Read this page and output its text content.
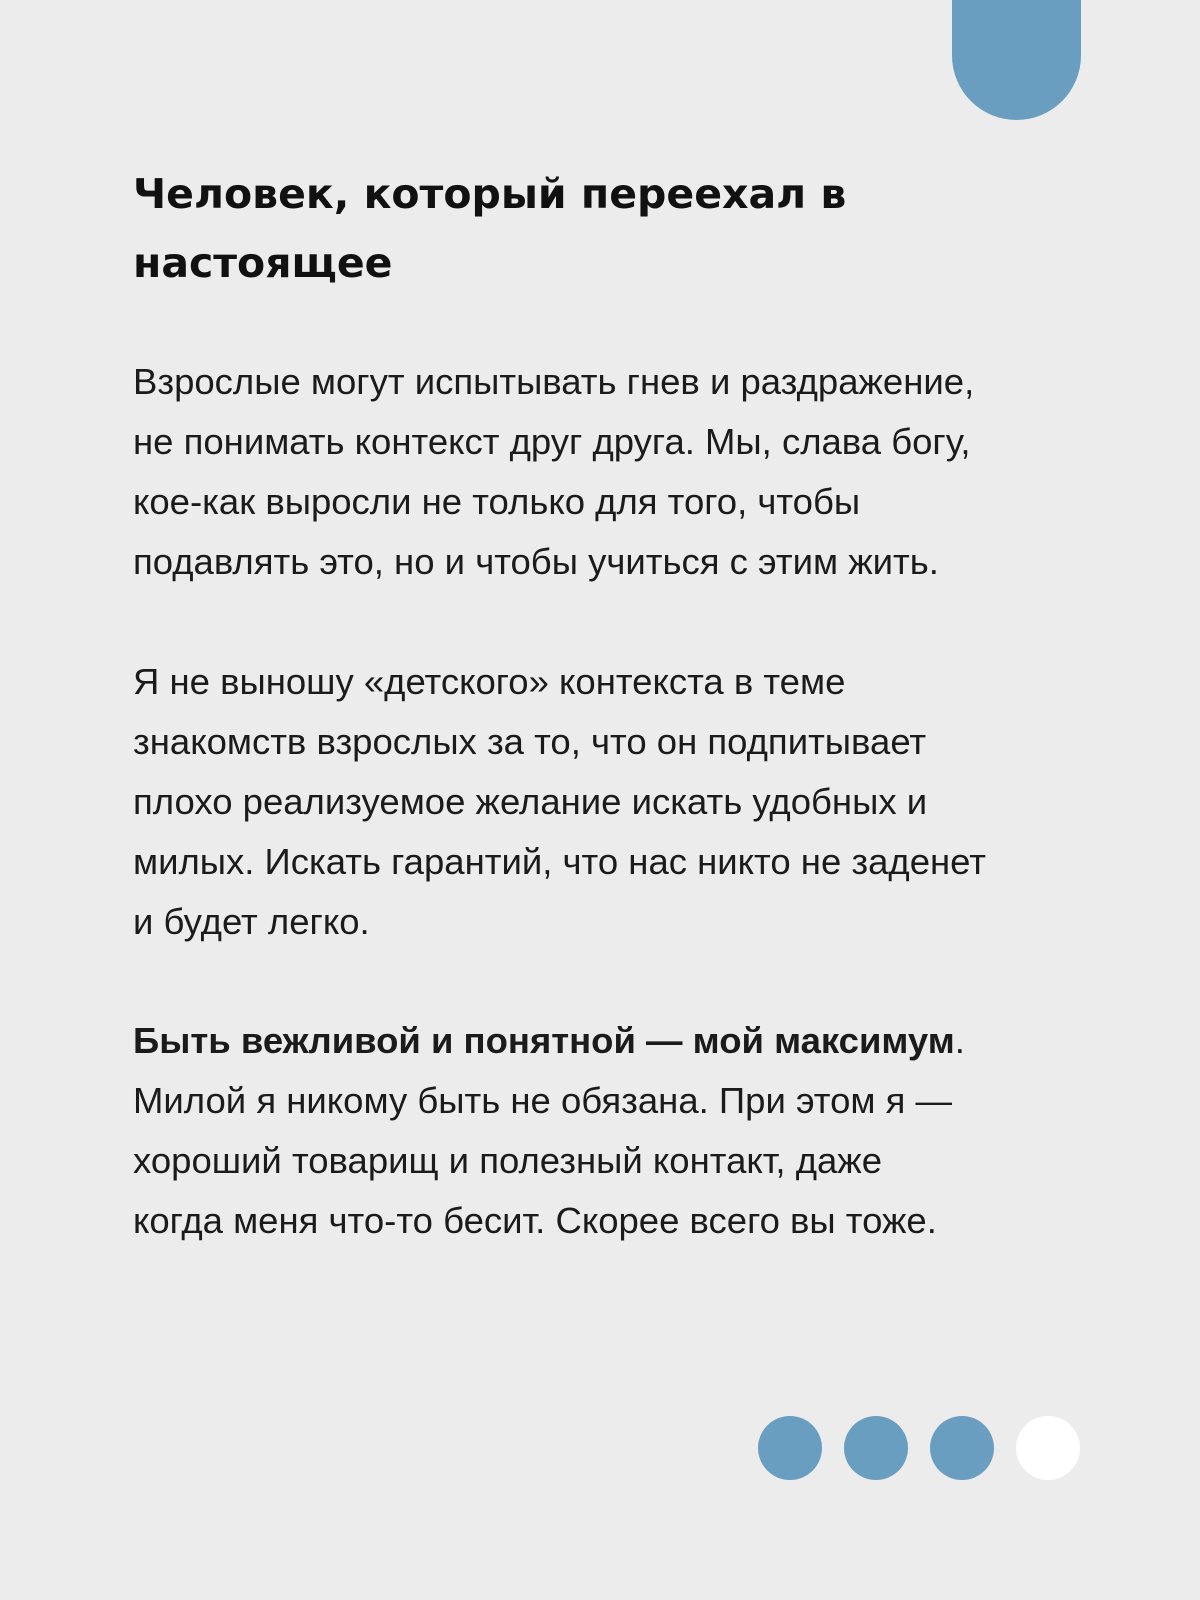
Человек, который переехал в
настоящее

Взрослые могут испытывать гнев и раздражение,
не понимать контекст друг друга. Мы, слава богу,
кое-как выросли не только для того, чтобы
подавлять это, но и чтобы учиться с этим жить.

Я не выношу «детского» контекста в теме
знакомств взрослых за то, что он подпитывает
плохо реализуемое желание искать удобных и
милых. Искать гарантий, что нас никто не заденет
и будет легко.

Быть вежливой и понятной — мой максимум.
Милой я никому быть не обязана. При этом я —
хороший товарищ и полезный контакт, даже
когда меня что-то бесит. Скорее всего вы тоже.
